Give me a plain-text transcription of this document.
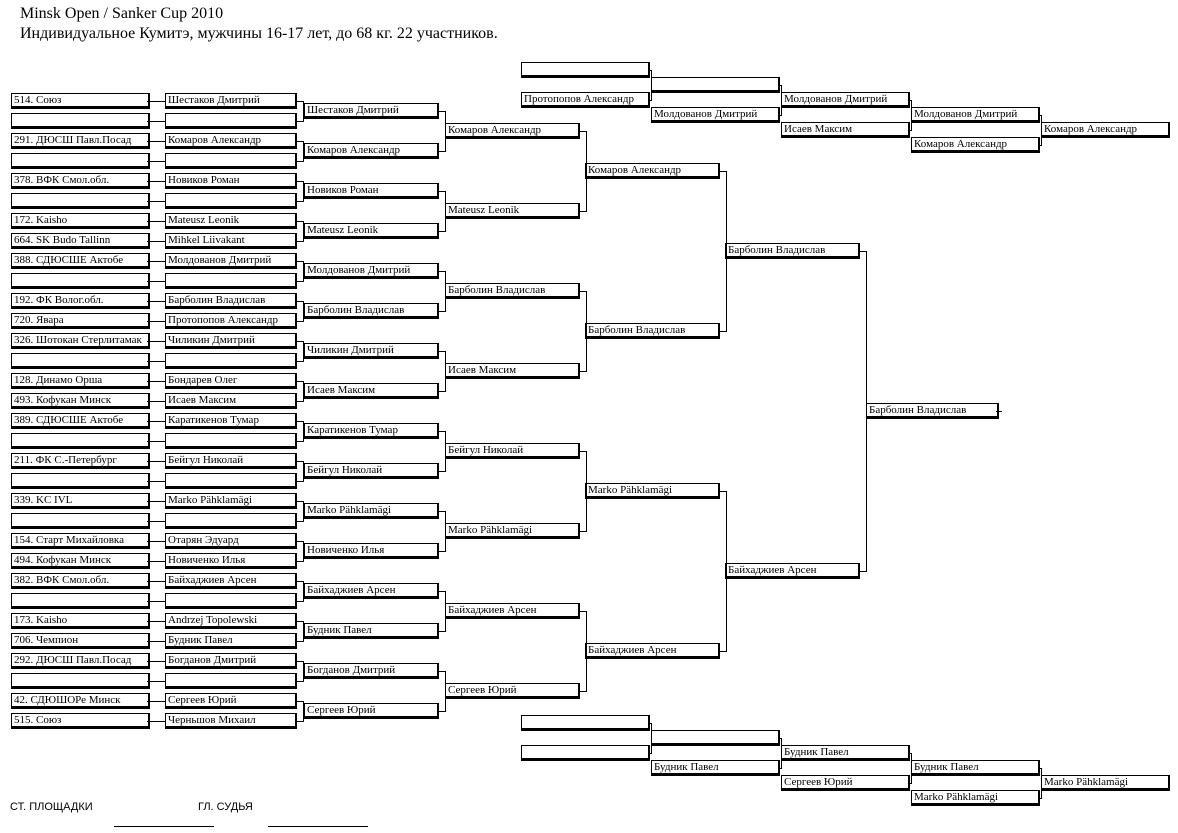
Minsk Open / Sanker Cup 2010
Индивидуальное Кумитэ, мужчины 16-17 лет, до 68 кг. 22 участников.
514. Союз
291. ДЮСШ Павл.Посад
378. ВФК Смол.обл.
172. Kaisho
664. SK Budo Tallinn
388. СДЮСШЕ Актобе
192. ФК Волог.обл.
720. Явара
326. Шотокан Стерлитамак
128. Динамо Орша
493. Кофукан Минск
389. СДЮСШЕ Актобе
211. ФК С.-Петербург
339. KC IVL
154. Старт Михайловка
494. Кофукан Минск
382. ВФК Смол.обл.
173. Kaisho
706. Чемпион
292. ДЮСШ Павл.Посад
42. СДЮШОРе Минск
515. Союз
Шестаков Дмитрий
Комаров Александр
Новиков Роман
Mateusz Leonik
Mihkel Liivakant
Молдованов Дмитрий
Барболин Владислав
Протопопов Александр
Чиликин Дмитрий
Бондарев Олег
Исаев Максим
Каратикенов Тумар
Бейгул Николай
Marko Pähklamägi
Отарян Эдуард
Новиченко Илья
Байхаджиев Арсен
Andrzej Topolewski
Будник Павел
Богданов Дмитрий
Сергеев Юрий
Черньшов Михаил
Шестаков Дмитрий
Комаров Александр
Новиков Роман
Mateusz Leonik
Молдованов Дмитрий
Барболин Владислав
Чиликин Дмитрий
Исаев Максим
Каратикенов Тумар
Бейгул Николай
Marko Pähklamägi
Новиченко Илья
Байхаджиев Арсен
Будник Павел
Богданов Дмитрий
Сергеев Юрий
Комаров Александр
Mateusz Leonik
Барболин Владислав
Исаев Максим
Бейгул Николай
Marko Pähklamägi
Байхаджиев Арсен
Сергеев Юрий
Комаров Александр
Барболин Владислав
Marko Pähklamägi
Байхаджиев Арсен
Барболин Владислав
Байхаджиев Арсен
Барболин Владислав
Протопопов Александр
Молдованов Дмитрий
Молдованов Дмитрий
Исаев Максим
Молдованов Дмитрий
Комаров Александр
Комаров Александр
Будник Павел
Будник Павел
Сергеев Юрий
Будник Павел
Marko Pähklamägi
Marko Pähklamägi
СТ. ПЛОЩАДКИ	ГЛ. СУДЬЯ
